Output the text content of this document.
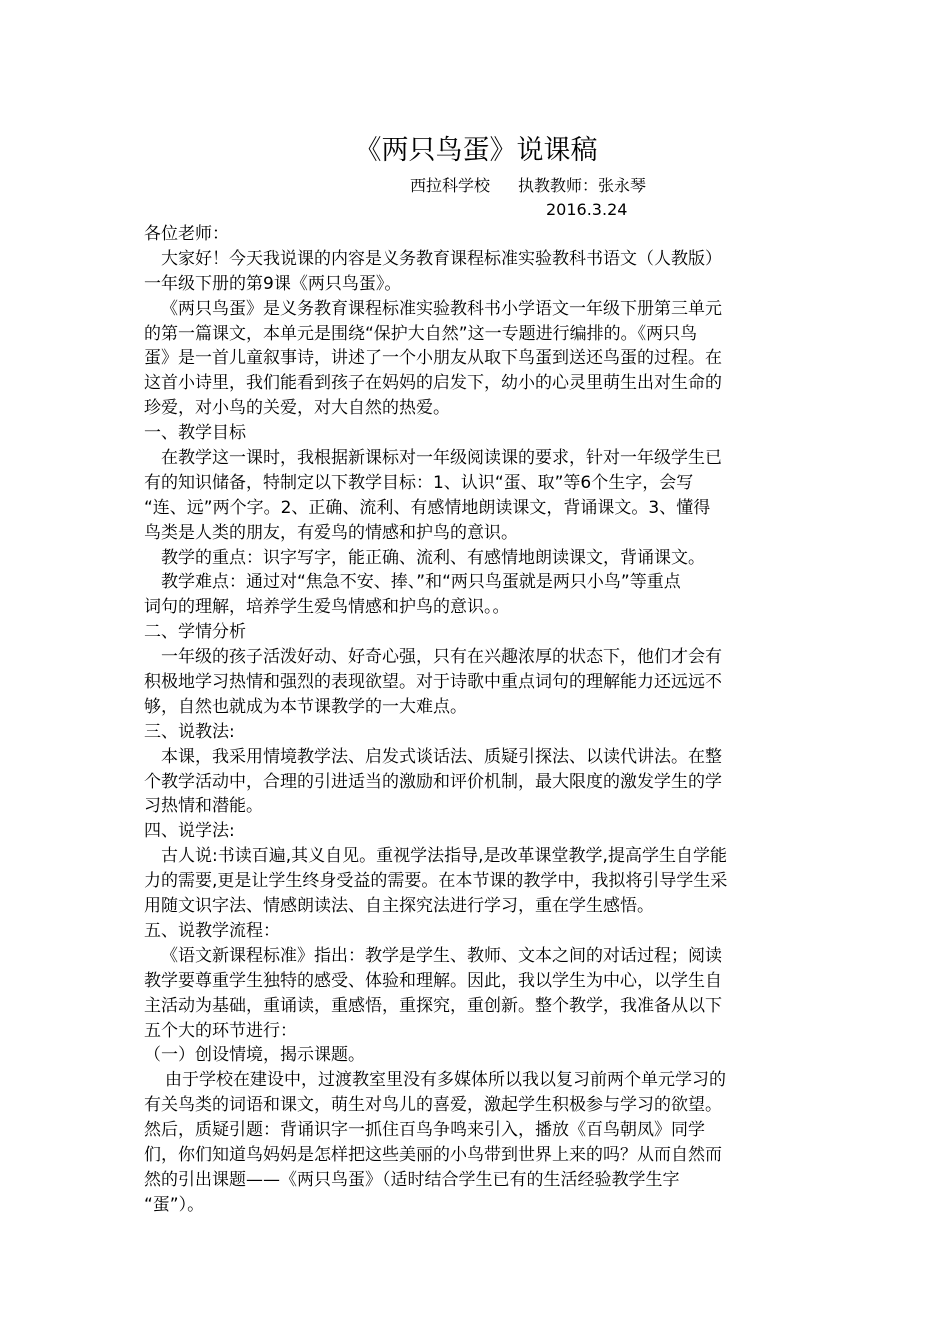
《两只鸟蛋》说课稿
西拉科学校 执教教师：张永琴
2016.3.24
各位老师：
大家好！今天我说课的内容是义务教育课程标准实验教科书语文（人教版）
一年级下册的第9课《两只鸟蛋》。
《两只鸟蛋》是义务教育课程标准实验教科书小学语文一年级下册第三单元
的第一篇课文，本单元是围绕“保护大自然”这一专题进行编排的。《两只鸟
蛋》是一首儿童叙事诗，讲述了一个小朋友从取下鸟蛋到送还鸟蛋的过程。在
这首小诗里，我们能看到孩子在妈妈的启发下，幼小的心灵里萌生出对生命的
珍爱，对小鸟的关爱，对大自然的热爱。
一、教学目标
在教学这一课时，我根据新课标对一年级阅读课的要求，针对一年级学生已
有的知识储备，特制定以下教学目标：1、认识“蛋、取”等6个生字，会写
“连、远”两个字。2、正确、流利、有感情地朗读课文，背诵课文。3、懂得
鸟类是人类的朋友，有爱鸟的情感和护鸟的意识。
教学的重点：识字写字，能正确、流利、有感情地朗读课文，背诵课文。
教学难点：通过对“焦急不安、捧、”和“两只鸟蛋就是两只小鸟”等重点
词句的理解，培养学生爱鸟情感和护鸟的意识。。
二、学情分析
一年级的孩子活泼好动、好奇心强，只有在兴趣浓厚的状态下，他们才会有
积极地学习热情和强烈的表现欲望。对于诗歌中重点词句的理解能力还远远不
够，自然也就成为本节课教学的一大难点。
三、说教法:
本课，我采用情境教学法、启发式谈话法、质疑引探法、以读代讲法。在整
个教学活动中，合理的引进适当的激励和评价机制，最大限度的激发学生的学
习热情和潜能。
四、说学法:
古人说:书读百遍,其义自见。重视学法指导,是改革课堂教学,提高学生自学能
力的需要,更是让学生终身受益的需要。在本节课的教学中，我拟将引导学生采
用随文识字法、情感朗读法、自主探究法进行学习，重在学生感悟。
五、说教学流程：
《语文新课程标准》指出：教学是学生、教师、文本之间的对话过程；阅读
教学要尊重学生独特的感受、体验和理解。因此，我以学生为中心，以学生自
主活动为基础，重诵读，重感悟，重探究，重创新。整个教学，我准备从以下
五个大的环节进行：
（一）创设情境，揭示课题。
由于学校在建设中，过渡教室里没有多媒体所以我以复习前两个单元学习的
有关鸟类的词语和课文，萌生对鸟儿的喜爱，激起学生积极参与学习的欲望。
然后，质疑引题：背诵识字一抓住百鸟争鸣来引入，播放《百鸟朝凤》同学
们，你们知道鸟妈妈是怎样把这些美丽的小鸟带到世界上来的吗？从而自然而
然的引出课题——《两只鸟蛋》（适时结合学生已有的生活经验教学生字
“蛋”）。
